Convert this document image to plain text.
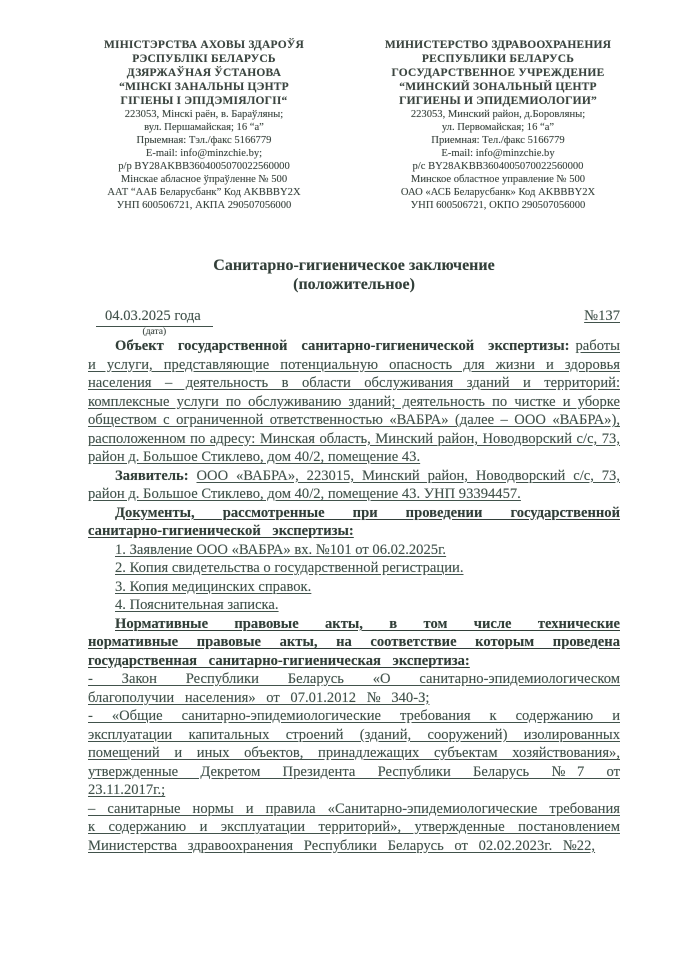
МІНІСТЭРСТВА АХОВЫ ЗДАРОЎЯ
РЭСПУБЛІКІ БЕЛАРУСЬ
ДЗЯРЖАЎНАЯ ЎСТАНОВА
“МІНСКІ ЗАНАЛЬНЫ ЦЭНТР
ГІГІЕНЫ І ЭПІДЭМІЯЛОГІІ“
223053, Мінскі раён, в. Бараўляны;
вул. Першамайская; 16 “а”
Прыемная: Тэл./факс 5166779
E-mail: info@minzchie.by;
р/р BY28AKBB3604005070022560000
Мінскае абласное ўпраўленне № 500
ААТ “ААБ Беларусбанк” Код AKBBBY2X
УНП 600506721, АКПА 290507056000
МИНИСТЕРСТВО ЗДРАВООХРАНЕНИЯ
РЕСПУБЛИКИ БЕЛАРУСЬ
ГОСУДАРСТВЕННОЕ УЧРЕЖДЕНИЕ
“МИНСКИЙ ЗОНАЛЬНЫЙ ЦЕНТР
ГИГИЕНЫ И ЭПИДЕМИОЛОГИИ”
223053, Минский район, д.Боровляны;
ул. Первомайская; 16 “а”
Приемная: Тел./факс 5166779
E-mail: info@minzchie.by
р/с BY28AKBB3604005070022560000
Минское областное управление № 500
ОАО «АСБ Беларусбанк» Код AKBBBY2X
УНП 600506721, ОКПО 290507056000
Санитарно-гигиеническое заключение
(положительное)
04.03.2025 года
(дата)
№137

Объект государственной санитарно-гигиенической экспертизы: работы и услуги, представляющие потенциальную опасность для жизни и здоровья населения – деятельность в области обслуживания зданий и территорий: комплексные услуги по обслуживанию зданий; деятельность по чистке и уборке обществом с ограниченной ответственностью «ВАБРА» (далее – ООО «ВАБРА»), расположенном по адресу: Минская область, Минский район, Новодворский с/с, 73, район д. Большое Стиклево, дом 40/2, помещение 43.

Заявитель: ООО «ВАБРА», 223015, Минский район, Новодворский с/с, 73, район д. Большое Стиклево, дом 40/2, помещение 43. УНП 93394457.

Документы, рассмотренные при проведении государственной санитарно-гигиенической экспертизы:

1. Заявление ООО «ВАБРА» вх. №101 от 06.02.2025г.
2. Копия свидетельства о государственной регистрации.
3. Копия медицинских справок.
4. Пояснительная записка.

Нормативные правовые акты, в том числе технические нормативные правовые акты, на соответствие которым проведена государственная санитарно-гигиеническая экспертиза:

- Закон Республики Беларусь «О санитарно-эпидемиологическом благополучии населения» от 07.01.2012 № 340-З;

- «Общие санитарно-эпидемиологические требования к содержанию и эксплуатации капитальных строений (зданий, сооружений) изолированных помещений и иных объектов, принадлежащих субъектам хозяйствования», утвержденные Декретом Президента Республики Беларусь №7 от 23.11.2017г.;

– санитарные нормы и правила «Санитарно-эпидемиологические требования к содержанию и эксплуатации территорий», утвержденные постановлением Министерства здравоохранения Республики Беларусь от 02.02.2023г. №22,
